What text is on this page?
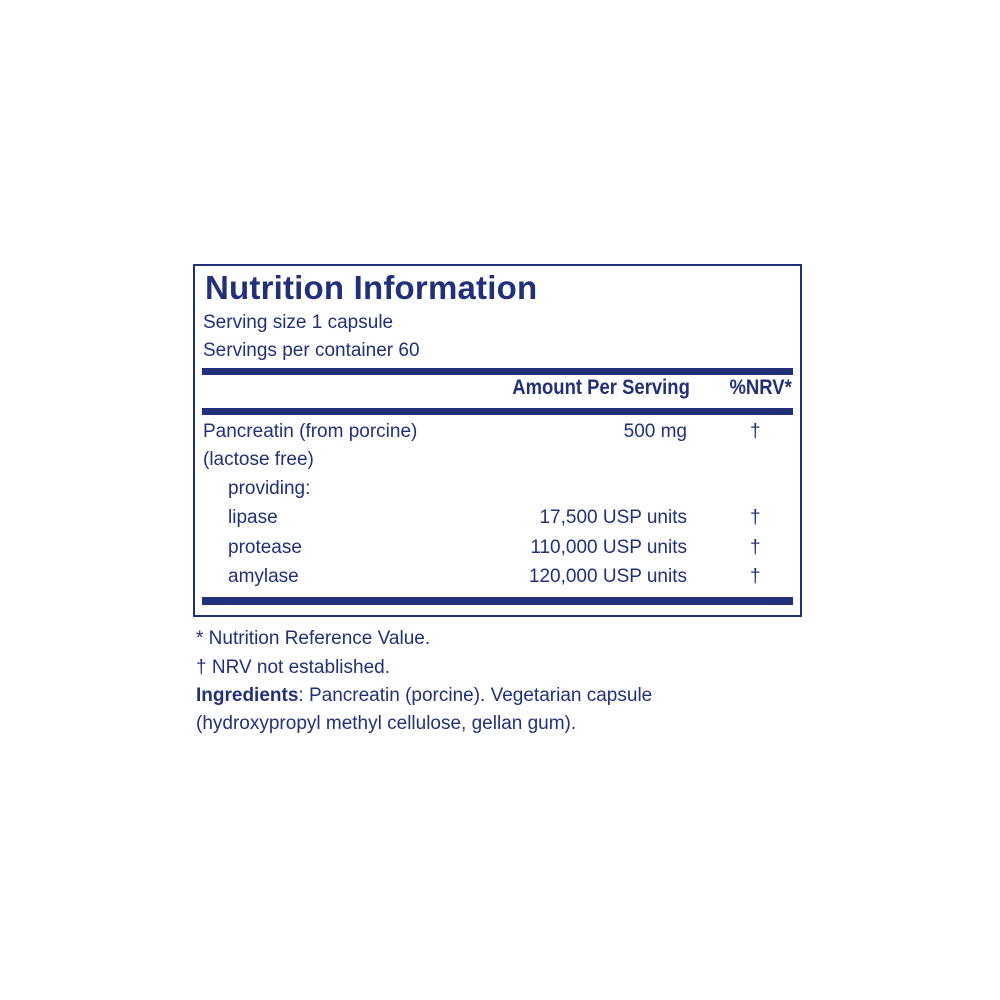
Nutrition Information
Serving size 1 capsule
Servings per container 60
Amount Per Serving %NRV*
Pancreatin (from porcine)	500 mg	†
(lactose free)
providing:
lipase	17,500 USP units	†
protease	110,000 USP units	†
amylase	120,000 USP units	†
* Nutrition Reference Value.
† NRV not established.
Ingredients: Pancreatin (porcine). Vegetarian capsule
(hydroxypropyl methyl cellulose, gellan gum).
